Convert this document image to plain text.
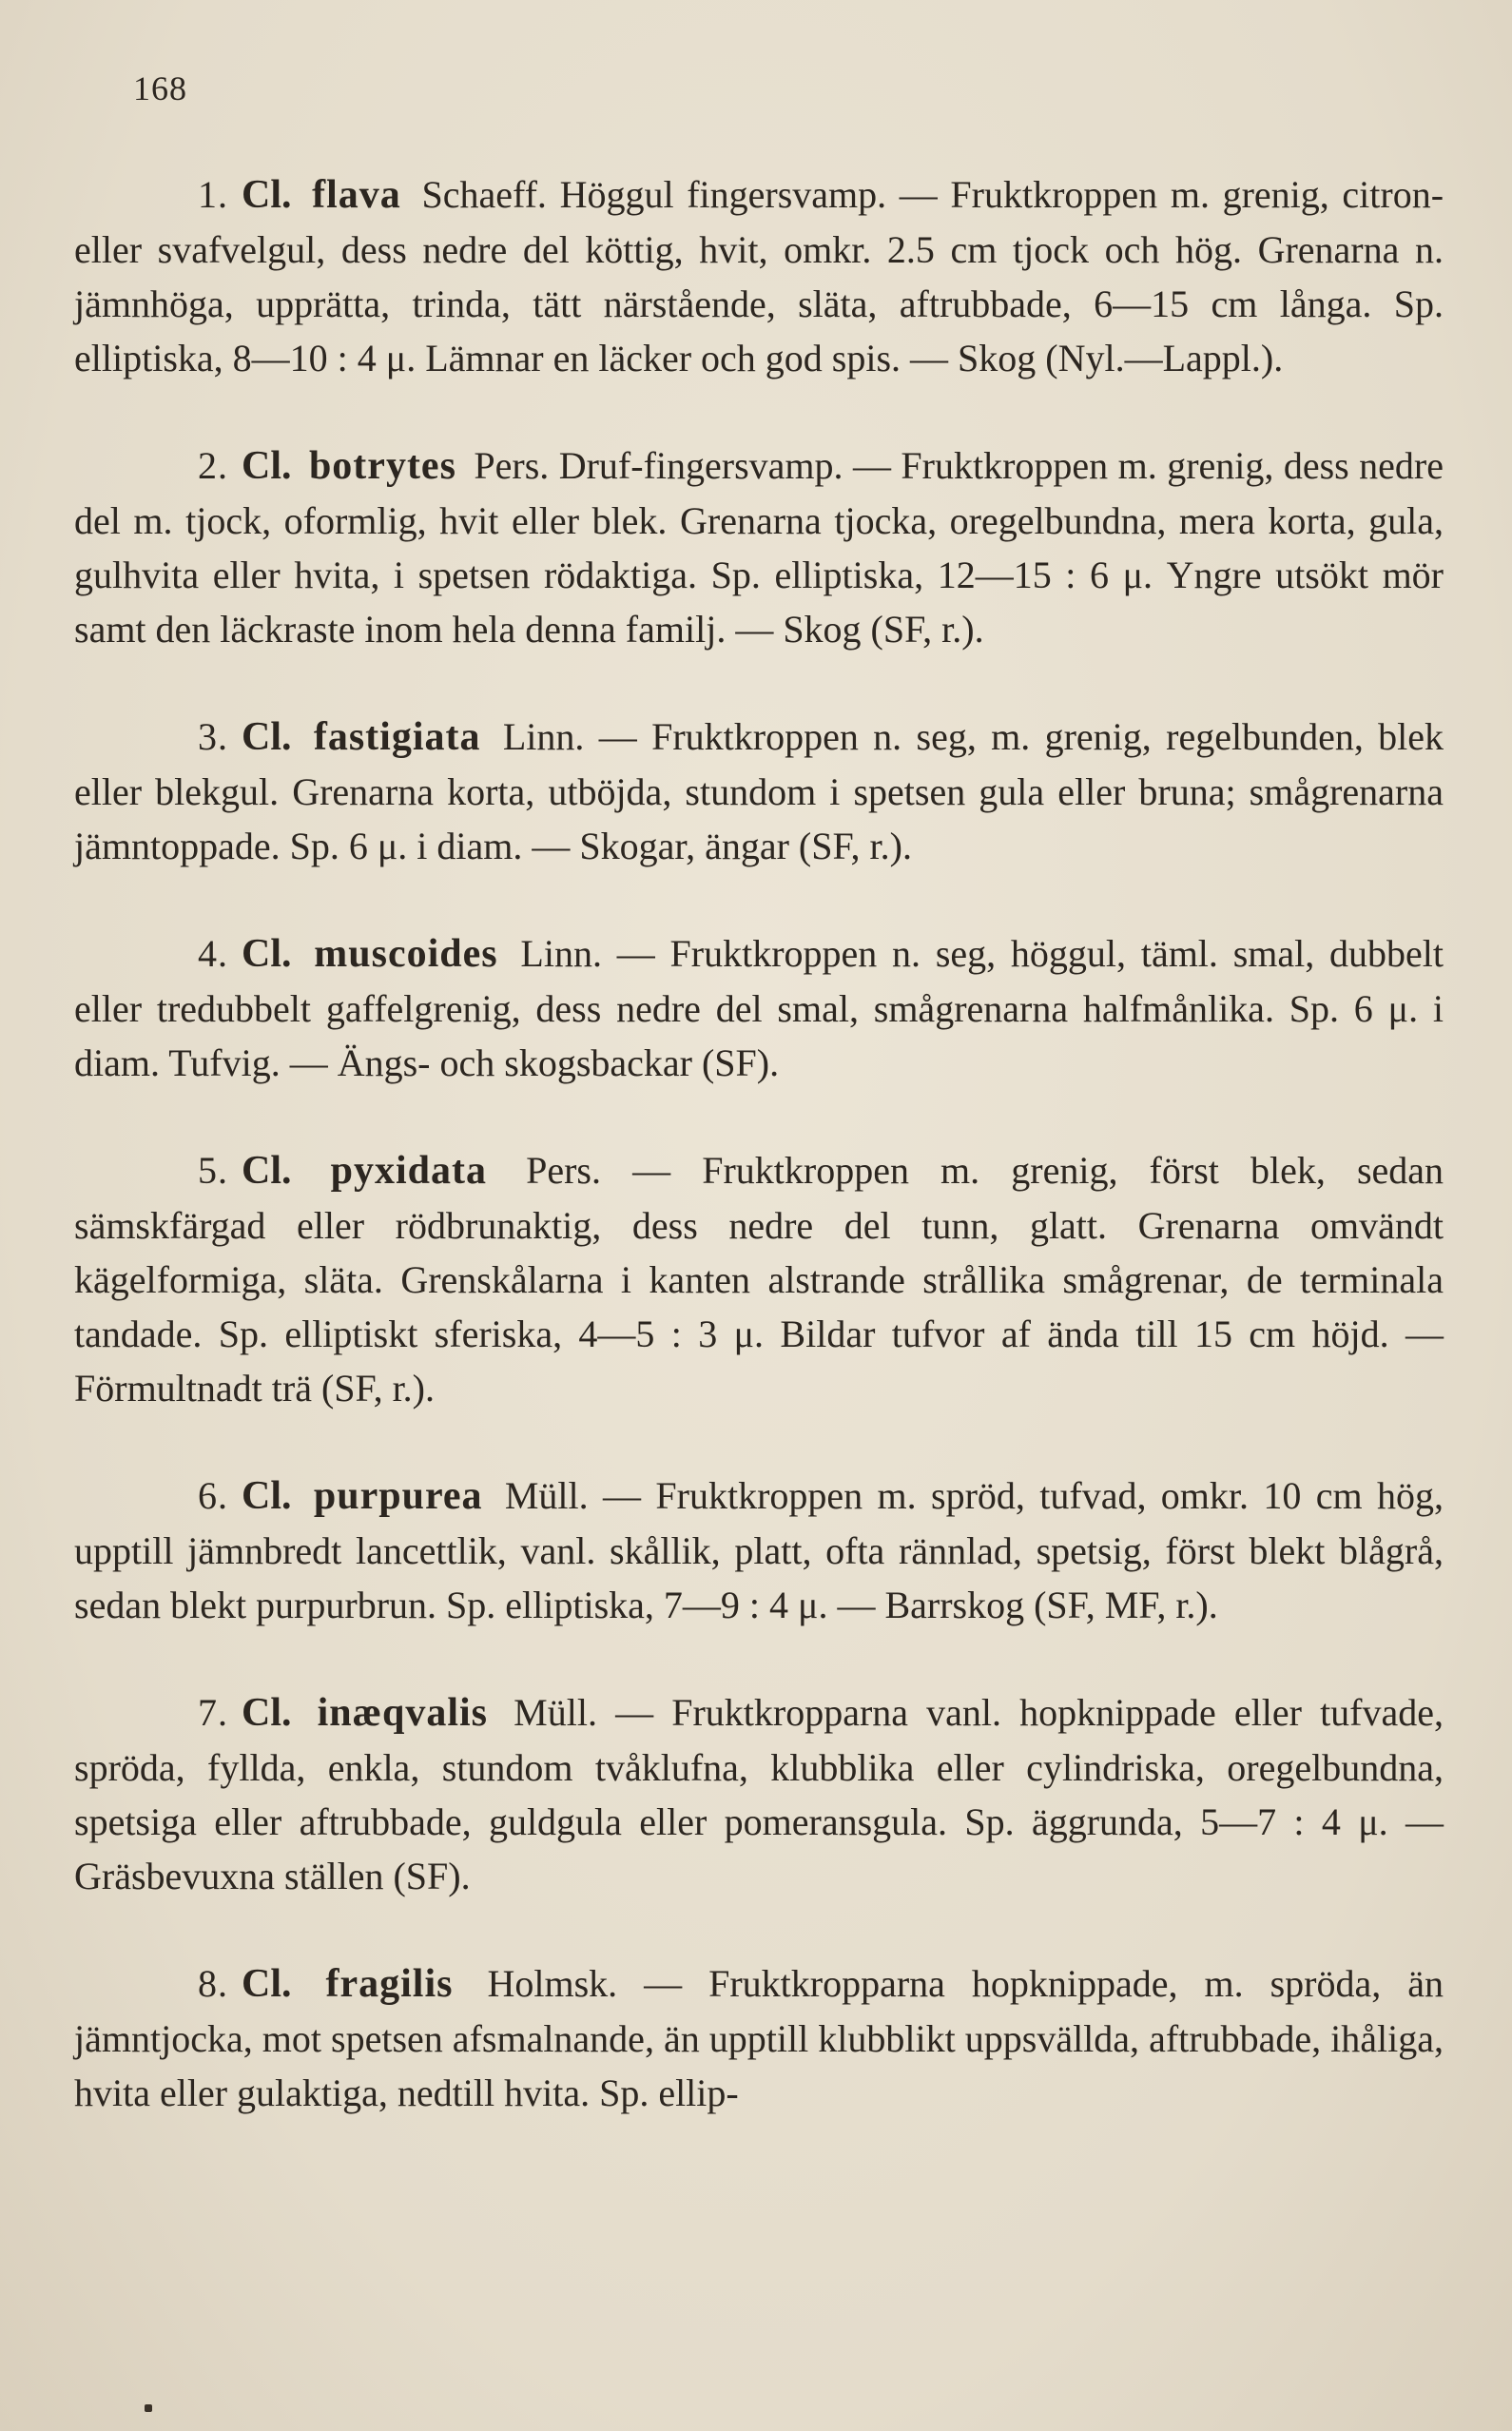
168

1. Cl. flava Schaeff. Höggul fingersvamp. — Fruktkroppen m. grenig, citron- eller svafvelgul, dess nedre del köttig, hvit, omkr. 2.5 cm tjock och hög. Grenarna n. jämnhöga, upprätta, trinda, tätt närstående, släta, aftrubbade, 6—15 cm långa. Sp. elliptiska, 8—10 : 4 μ. Lämnar en läcker och god spis. — Skog (Nyl.—Lappl.).

2. Cl. botrytes Pers. Druf-fingersvamp. — Fruktkroppen m. grenig, dess nedre del m. tjock, oformlig, hvit eller blek. Grenarna tjocka, oregelbundna, mera korta, gula, gulhvita eller hvita, i spetsen rödaktiga. Sp. elliptiska, 12—15 : 6 μ. Yngre utsökt mör samt den läckraste inom hela denna familj. — Skog (SF, r.).

3. Cl. fastigiata Linn. — Fruktkroppen n. seg, m. grenig, regelbunden, blek eller blekgul. Grenarna korta, utböjda, stundom i spetsen gula eller bruna; smågrenarna jämntoppade. Sp. 6 μ. i diam. — Skogar, ängar (SF, r.).

4. Cl. muscoides Linn. — Fruktkroppen n. seg, höggul, täml. smal, dubbelt eller tredubbelt gaffelgrenig, dess nedre del smal, smågrenarna halfmånlika. Sp. 6 μ. i diam. Tufvig. — Ängs- och skogsbackar (SF).

5. Cl. pyxidata Pers. — Fruktkroppen m. grenig, först blek, sedan sämskfärgad eller rödbrunaktig, dess nedre del tunn, glatt. Grenarna omvändt kägelformiga, släta. Grenskålarna i kanten alstrande strållika smågrenar, de terminala tandade. Sp. elliptiskt sferiska, 4—5 : 3 μ. Bildar tufvor af ända till 15 cm höjd. — Förmultnadt trä (SF, r.).

6. Cl. purpurea Müll. — Fruktkroppen m. spröd, tufvad, omkr. 10 cm hög, upptill jämnbredt lancettlik, vanl. skållik, platt, ofta rännlad, spetsig, först blekt blågrå, sedan blekt purpurbrun. Sp. elliptiska, 7—9 : 4 μ. — Barrskog (SF, MF, r.).

7. Cl. inæqvalis Müll. — Fruktkropparna vanl. hopknippade eller tufvade, spröda, fyllda, enkla, stundom tvåklufna, klubblika eller cylindriska, oregelbundna, spetsiga eller aftrubbade, guldgula eller pomeransgula. Sp. äggrunda, 5—7 : 4 μ. — Gräsbevuxna ställen (SF).

8. Cl. fragilis Holmsk. — Fruktkropparna hopknippade, m. spröda, än jämntjocka, mot spetsen afsmalnande, än upptill klubblikt uppsvällda, aftrubbade, ihåliga, hvita eller gulaktiga, nedtill hvita. Sp. ellip-
